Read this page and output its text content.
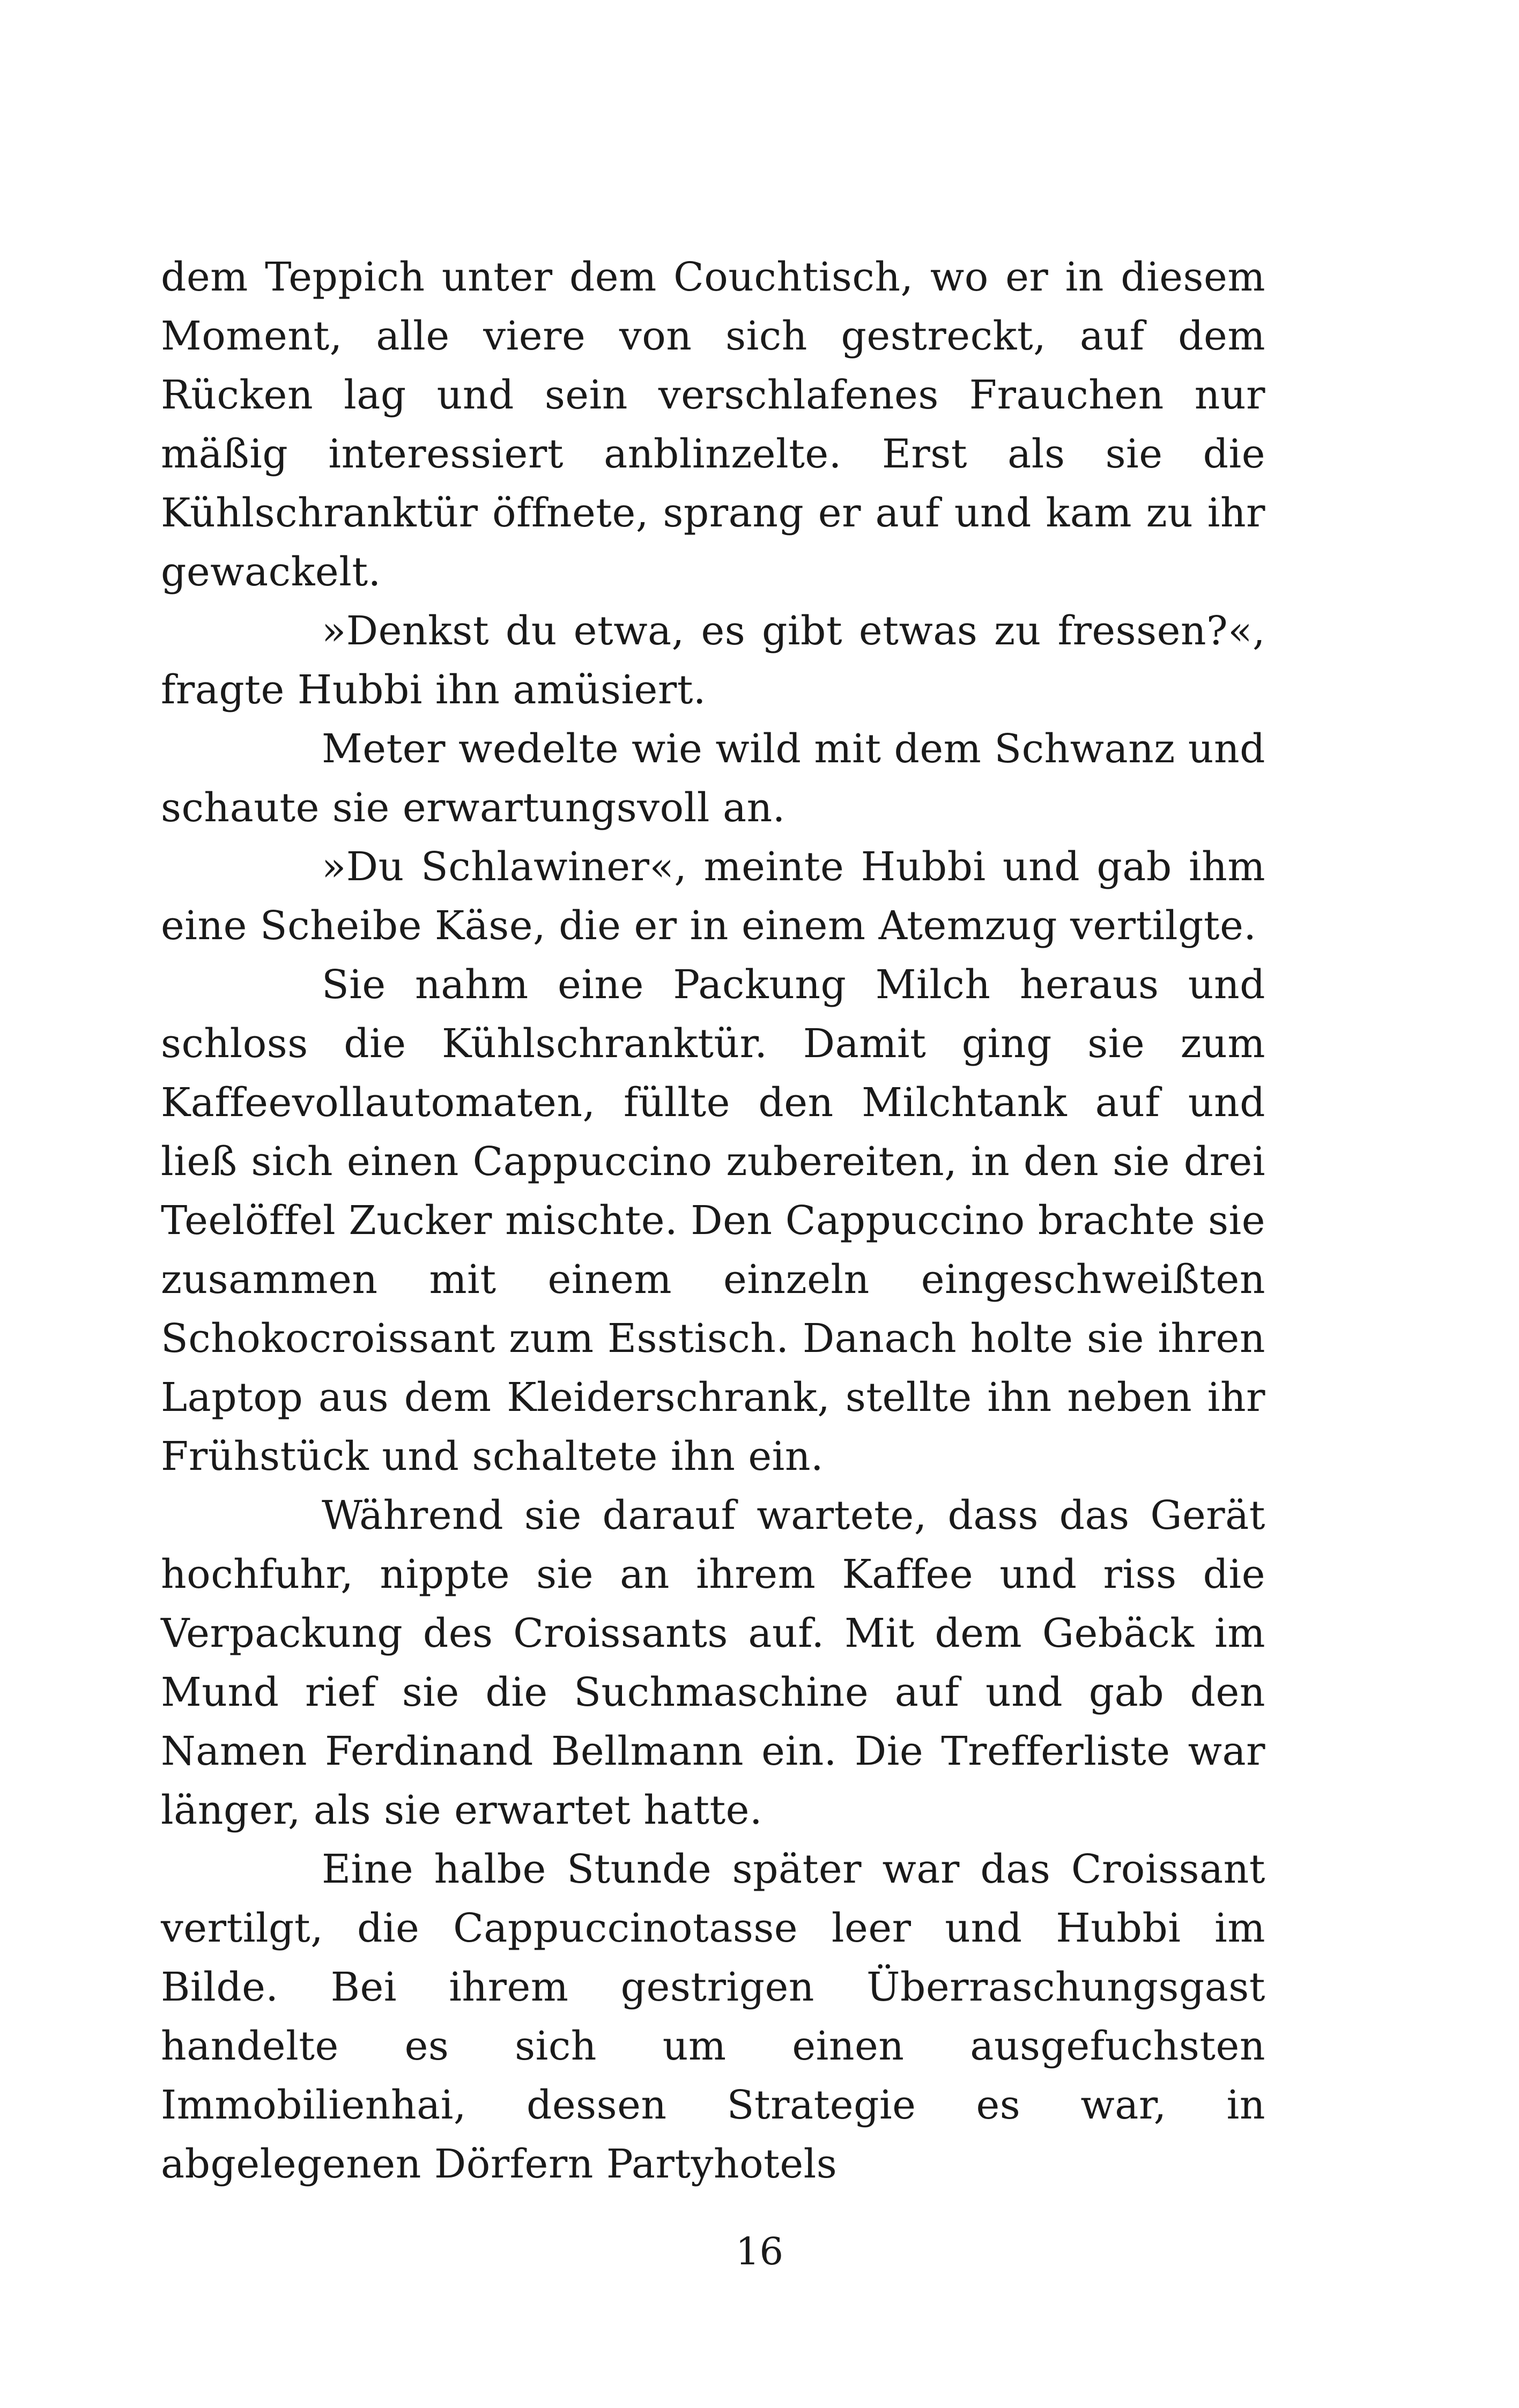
dem Teppich unter dem Couchtisch, wo er in diesem Moment, alle viere von sich gestreckt, auf dem Rücken lag und sein verschlafenes Frauchen nur mäßig interessiert anblinzelte. Erst als sie die Kühlschranktür öffnete, sprang er auf und kam zu ihr gewackelt.

»Denkst du etwa, es gibt etwas zu fressen?«, fragte Hubbi ihn amüsiert.

Meter wedelte wie wild mit dem Schwanz und schaute sie erwartungsvoll an.

»Du Schlawiner«, meinte Hubbi und gab ihm eine Scheibe Käse, die er in einem Atemzug vertilgte.

Sie nahm eine Packung Milch heraus und schloss die Kühlschranktür. Damit ging sie zum Kaffeevollautomaten, füllte den Milchtank auf und ließ sich einen Cappuccino zubereiten, in den sie drei Teelöffel Zucker mischte. Den Cappuccino brachte sie zusammen mit einem einzeln eingeschweißten Schokocroissant zum Esstisch. Danach holte sie ihren Laptop aus dem Kleiderschrank, stellte ihn neben ihr Frühstück und schaltete ihn ein.

Während sie darauf wartete, dass das Gerät hochfuhr, nippte sie an ihrem Kaffee und riss die Verpackung des Croissants auf. Mit dem Gebäck im Mund rief sie die Suchmaschine auf und gab den Namen Ferdinand Bellmann ein. Die Trefferliste war länger, als sie erwartet hatte.

Eine halbe Stunde später war das Croissant vertilgt, die Cappuccinotasse leer und Hubbi im Bilde. Bei ihrem gestrigen Überraschungsgast handelte es sich um einen ausgefuchsten Immobilienhai, dessen Strategie es war, in abgelegenen Dörfern Partyhotels

16
